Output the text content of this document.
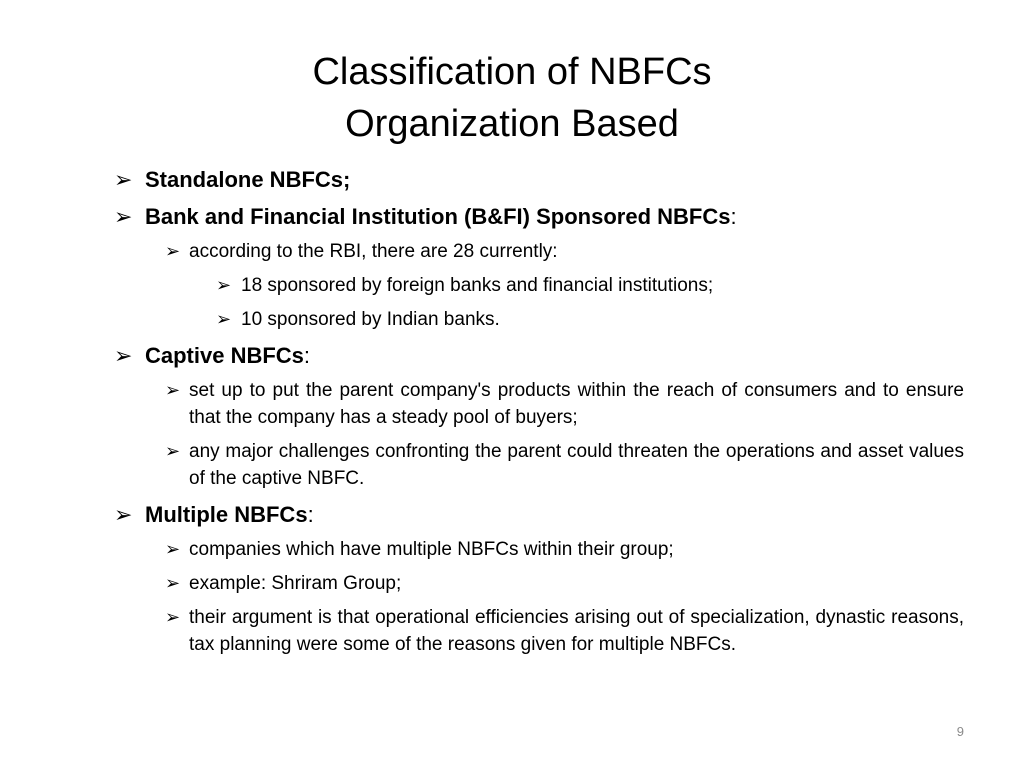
Classification of NBFCs
Organization Based
➢ Standalone NBFCs;
➢ Bank and Financial Institution (B&FI) Sponsored NBFCs:
➢ according to the RBI, there are 28 currently:
➢ 18 sponsored by foreign banks and financial institutions;
➢ 10 sponsored by Indian banks.
➢ Captive NBFCs:
➢ set up to put the parent company's products within the reach of consumers and to ensure that the company has a steady pool of buyers;
➢ any major challenges confronting the parent could threaten the operations and asset values of the captive NBFC.
➢ Multiple NBFCs:
➢ companies which have multiple NBFCs within their group;
➢ example: Shriram Group;
➢ their argument is that operational efficiencies arising out of specialization, dynastic reasons, tax planning were some of the reasons given for multiple NBFCs.
9
